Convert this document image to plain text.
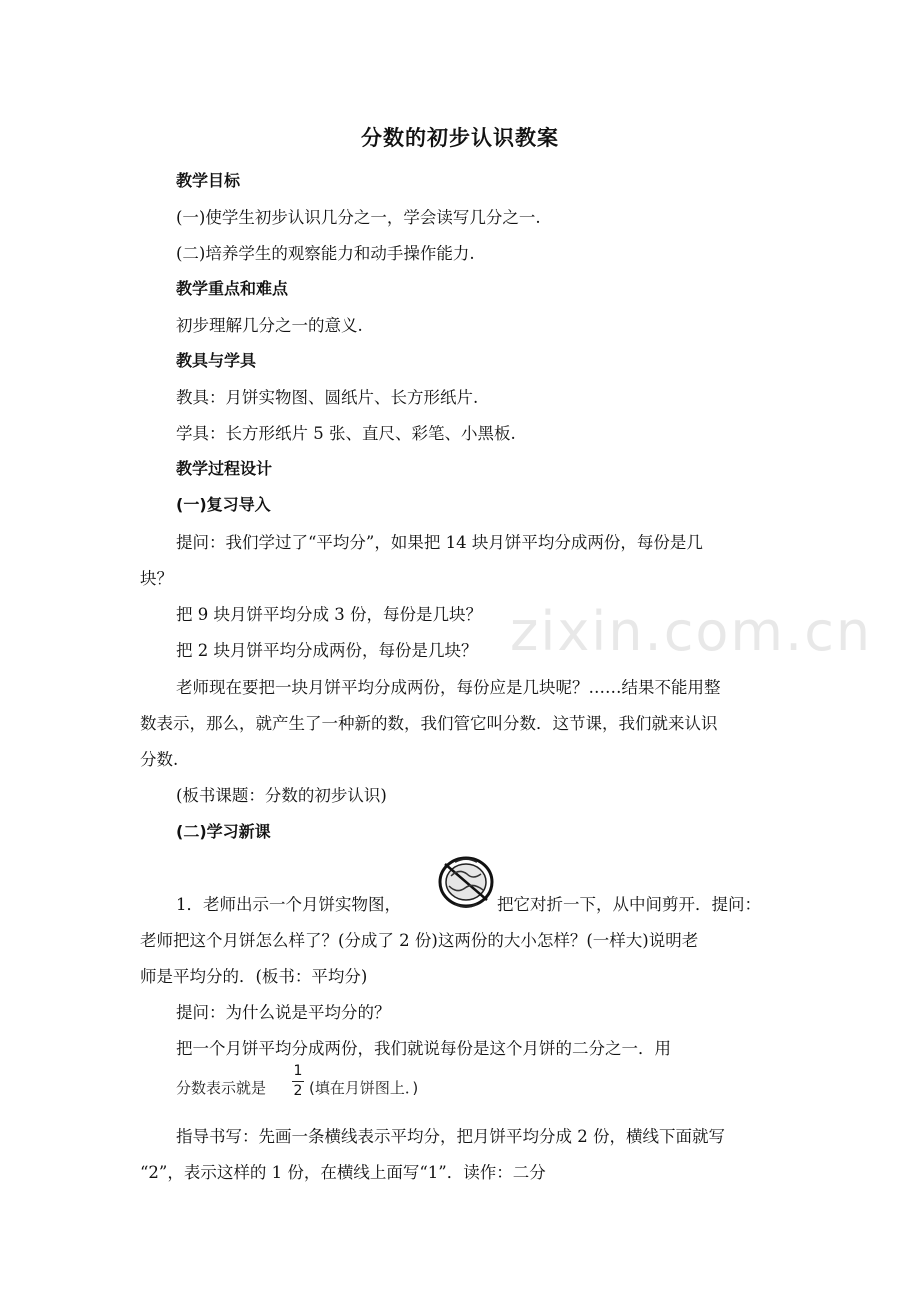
zixin.com.cn
分数的初步认识教案
教学目标
(一)使学生初步认识几分之一，学会读写几分之一.
(二)培养学生的观察能力和动手操作能力.
教学重点和难点
初步理解几分之一的意义.
教具与学具
教具：月饼实物图、圆纸片、长方形纸片.
学具：长方形纸片 5 张、直尺、彩笔、小黑板.
教学过程设计
(一)复习导入
提问：我们学过了“平均分”，如果把 14 块月饼平均分成两份，每份是几
块？
把 9 块月饼平均分成 3 份，每份是几块？
把 2 块月饼平均分成两份，每份是几块？
老师现在要把一块月饼平均分成两份，每份应是几块呢？……结果不能用整
数表示，那么，就产生了一种新的数，我们管它叫分数．这节课，我们就来认识
分数.
(板书课题：分数的初步认识)
(二)学习新课
1．老师出示一个月饼实物图，	把它对折一下，从中间剪开．提问：
老师把这个月饼怎么样了？(分成了 2 份)这两份的大小怎样？(一样大)说明老
师是平均分的．(板书：平均分)
提问：为什么说是平均分的？
把一个月饼平均分成两份，我们就说每份是这个月饼的二分之一．用
分数表示就是
1
2 (填在月饼图上．)
指导书写：先画一条横线表示平均分，把月饼平均分成 2 份，横线下面就写
“2”，表示这样的 1 份，在横线上面写“1”．读作：二分
